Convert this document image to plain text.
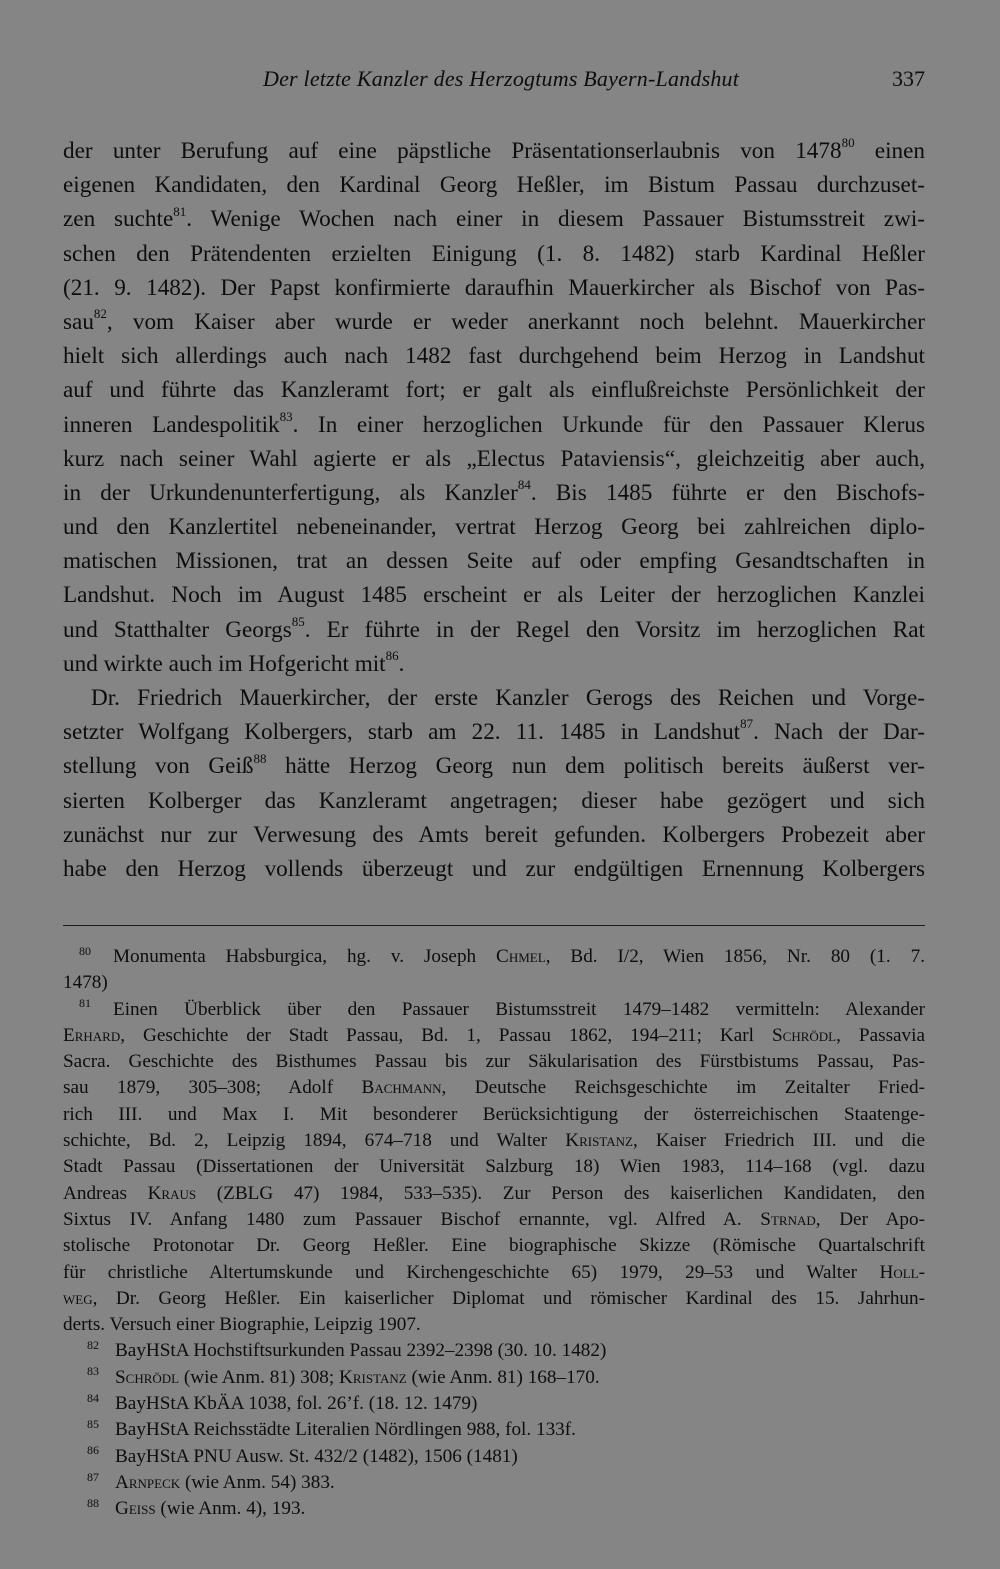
Der letzte Kanzler des Herzogtums Bayern-Landshut	337
der unter Berufung auf eine päpstliche Präsentationserlaubnis von 1478$^{80}$ einen
eigenen Kandidaten, den Kardinal Georg Heßler, im Bistum Passau durchzuset-
zen suchte$^{81}$. Wenige Wochen nach einer in diesem Passauer Bistumsstreit zwi-
schen den Prätendenten erzielten Einigung (1. 8. 1482) starb Kardinal Heßler
(21. 9. 1482). Der Papst konfirmierte daraufhin Mauerkircher als Bischof von Pas-
sau$^{82}$, vom Kaiser aber wurde er weder anerkannt noch belehnt. Mauerkircher
hielt sich allerdings auch nach 1482 fast durchgehend beim Herzog in Landshut
auf und führte das Kanzleramt fort; er galt als einflußreichste Persönlichkeit der
inneren Landespolitik$^{83}$. In einer herzoglichen Urkunde für den Passauer Klerus
kurz nach seiner Wahl agierte er als „Electus Pataviensis“, gleichzeitig aber auch,
in der Urkundenunterfertigung, als Kanzler$^{84}$. Bis 1485 führte er den Bischofs-
und den Kanzlertitel nebeneinander, vertrat Herzog Georg bei zahlreichen diplo-
matischen Missionen, trat an dessen Seite auf oder empfing Gesandtschaften in
Landshut. Noch im August 1485 erscheint er als Leiter der herzoglichen Kanzlei
und Statthalter Georgs$^{85}$. Er führte in der Regel den Vorsitz im herzoglichen Rat
und wirkte auch im Hofgericht mit$^{86}$.
Dr. Friedrich Mauerkircher, der erste Kanzler Gerogs des Reichen und Vorge-
setzter Wolfgang Kolbergers, starb am 22. 11. 1485 in Landshut$^{87}$. Nach der Dar-
stellung von Geiß$^{88}$ hätte Herzog Georg nun dem politisch bereits äußerst ver-
sierten Kolberger das Kanzleramt angetragen; dieser habe gezögert und sich
zunächst nur zur Verwesung des Amts bereit gefunden. Kolbergers Probezeit aber
habe den Herzog vollends überzeugt und zur endgültigen Ernennung Kolbergers
80 Monumenta Habsburgica, hg. v. Joseph Chmel, Bd. I/2, Wien 1856, Nr. 80 (1. 7.
1478)
81 Einen Überblick über den Passauer Bistumsstreit 1479–1482 vermitteln: Alexander
Erhard, Geschichte der Stadt Passau, Bd. 1, Passau 1862, 194–211; Karl Schrödl, Passavia
Sacra. Geschichte des Bisthumes Passau bis zur Säkularisation des Fürstbistums Passau, Pas-
sau 1879, 305–308; Adolf Bachmann, Deutsche Reichsgeschichte im Zeitalter Fried-
rich III. und Max I. Mit besonderer Berücksichtigung der österreichischen Staatenge-
schichte, Bd. 2, Leipzig 1894, 674–718 und Walter Kristanz, Kaiser Friedrich III. und die
Stadt Passau (Dissertationen der Universität Salzburg 18) Wien 1983, 114–168 (vgl. dazu
Andreas Kraus (ZBLG 47) 1984, 533–535). Zur Person des kaiserlichen Kandidaten, den
Sixtus IV. Anfang 1480 zum Passauer Bischof ernannte, vgl. Alfred A. Strnad, Der Apo-
stolische Protonotar Dr. Georg Heßler. Eine biographische Skizze (Römische Quartalschrift
für christliche Altertumskunde und Kirchengeschichte 65) 1979, 29–53 und Walter Holl-
weg, Dr. Georg Heßler. Ein kaiserlicher Diplomat und römischer Kardinal des 15. Jahrhun-
derts. Versuch einer Biographie, Leipzig 1907.
82 BayHStA Hochstiftsurkunden Passau 2392–2398 (30. 10. 1482)
83 Schrödl (wie Anm. 81) 308; Kristanz (wie Anm. 81) 168–170.
84 BayHStA KbÄA 1038, fol. 26’f. (18. 12. 1479)
85 BayHStA Reichsstädte Literalien Nördlingen 988, fol. 133f.
86 BayHStA PNU Ausw. St. 432/2 (1482), 1506 (1481)
87 Arnpeck (wie Anm. 54) 383.
88 Geiss (wie Anm. 4), 193.
